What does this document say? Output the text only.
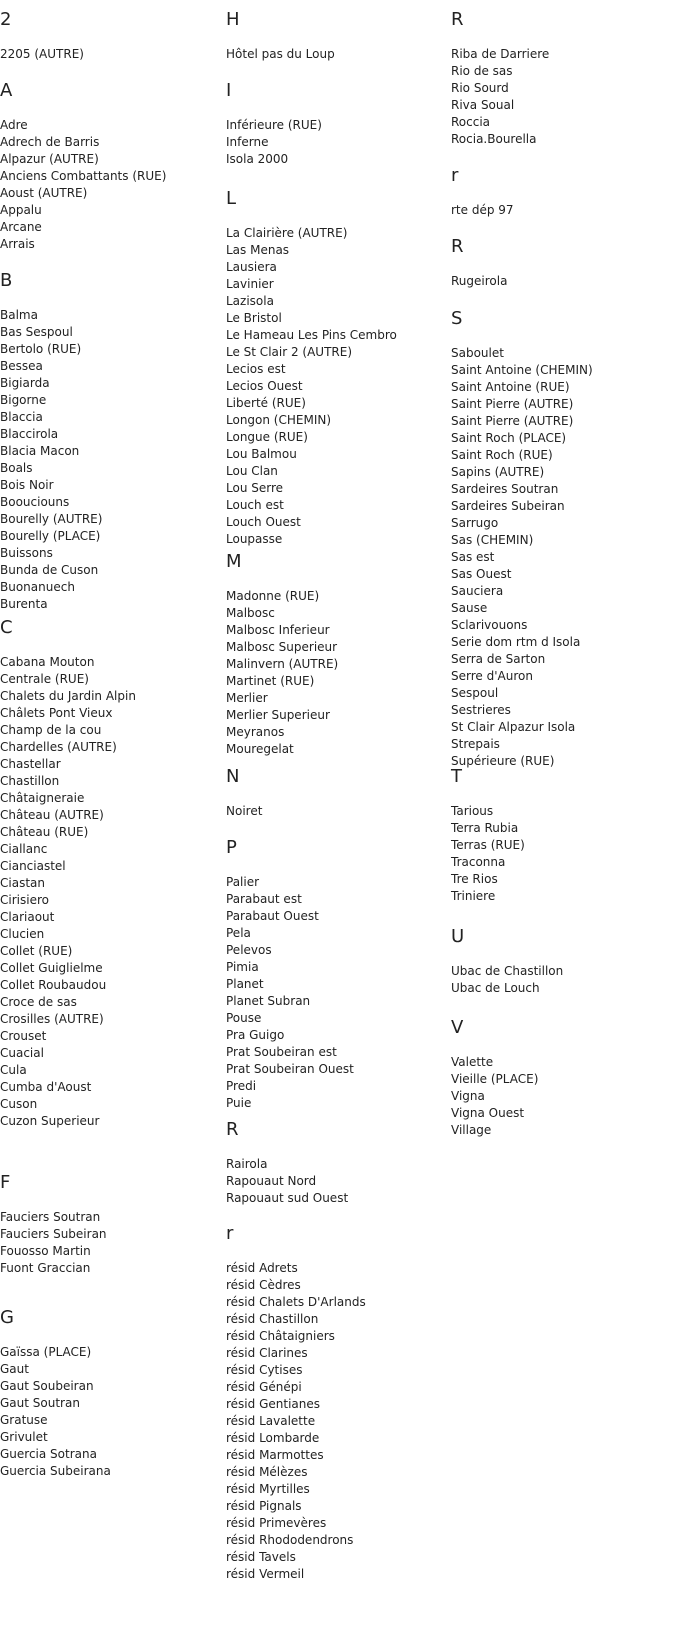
2
2205 (AUTRE)
A
Adre
Adrech de Barris
Alpazur (AUTRE)
Anciens Combattants (RUE)
Aoust (AUTRE)
Appalu
Arcane
Arrais
B
Balma
Bas Sespoul
Bertolo (RUE)
Bessea
Bigiarda
Bigorne
Blaccia
Blaccirola
Blacia Macon
Boals
Bois Noir
Boouciouns
Bourelly (AUTRE)
Bourelly (PLACE)
Buissons
Bunda de Cuson
Buonanuech
Burenta
C
Cabana Mouton
Centrale (RUE)
Chalets du Jardin Alpin
Châlets Pont Vieux
Champ de la cou
Chardelles (AUTRE)
Chastellar
Chastillon
Châtaigneraie
Château (AUTRE)
Château (RUE)
Ciallanc
Cianciastel
Ciastan
Cirisiero
Clariaout
Clucien
Collet (RUE)
Collet Guiglielme
Collet Roubaudou
Croce de sas
Crosilles (AUTRE)
Crouset
Cuacial
Cula
Cumba d'Aoust
Cuson
Cuzon Superieur
F
Fauciers Soutran
Fauciers Subeiran
Fouosso Martin
Fuont Graccian
G
Gaïssa (PLACE)
Gaut
Gaut Soubeiran
Gaut Soutran
Gratuse
Grivulet
Guercia Sotrana
Guercia Subeirana
H
Hôtel pas du Loup
I
Inférieure (RUE)
Inferne
Isola 2000
L
La Clairière (AUTRE)
Las Menas
Lausiera
Lavinier
Lazisola
Le Bristol
Le Hameau Les Pins Cembro
Le St Clair 2 (AUTRE)
Lecios est
Lecios Ouest
Liberté (RUE)
Longon (CHEMIN)
Longue (RUE)
Lou Balmou
Lou Clan
Lou Serre
Louch est
Louch Ouest
Loupasse
M
Madonne (RUE)
Malbosc
Malbosc Inferieur
Malbosc Superieur
Malinvern (AUTRE)
Martinet (RUE)
Merlier
Merlier Superieur
Meyranos
Mouregelat
N
Noiret
P
Palier
Parabaut est
Parabaut Ouest
Pela
Pelevos
Pimia
Planet
Planet Subran
Pouse
Pra Guigo
Prat Soubeiran est
Prat Soubeiran Ouest
Predi
Puie
R
Rairola
Rapouaut Nord
Rapouaut sud Ouest
r
résid Adrets
résid Cèdres
résid Chalets D'Arlands
résid Chastillon
résid Châtaigniers
résid Clarines
résid Cytises
résid Génépi
résid Gentianes
résid Lavalette
résid Lombarde
résid Marmottes
résid Mélèzes
résid Myrtilles
résid Pignals
résid Primevères
résid Rhododendrons
résid Tavels
résid Vermeil
R
Riba de Darriere
Rio de sas
Rio Sourd
Riva Soual
Roccia
Rocia.Bourella
r
rte dép 97
R
Rugeirola
S
Saboulet
Saint Antoine (CHEMIN)
Saint Antoine (RUE)
Saint Pierre (AUTRE)
Saint Pierre (AUTRE)
Saint Roch (PLACE)
Saint Roch (RUE)
Sapins (AUTRE)
Sardeires Soutran
Sardeires Subeiran
Sarrugo
Sas (CHEMIN)
Sas est
Sas Ouest
Sauciera
Sause
Sclarivouons
Serie dom rtm d Isola
Serra de Sarton
Serre d'Auron
Sespoul
Sestrieres
St Clair Alpazur Isola
Strepais
Supérieure (RUE)
T
Tarious
Terra Rubia
Terras (RUE)
Traconna
Tre Rios
Triniere
U
Ubac de Chastillon
Ubac de Louch
V
Valette
Vieille (PLACE)
Vigna
Vigna Ouest
Village
